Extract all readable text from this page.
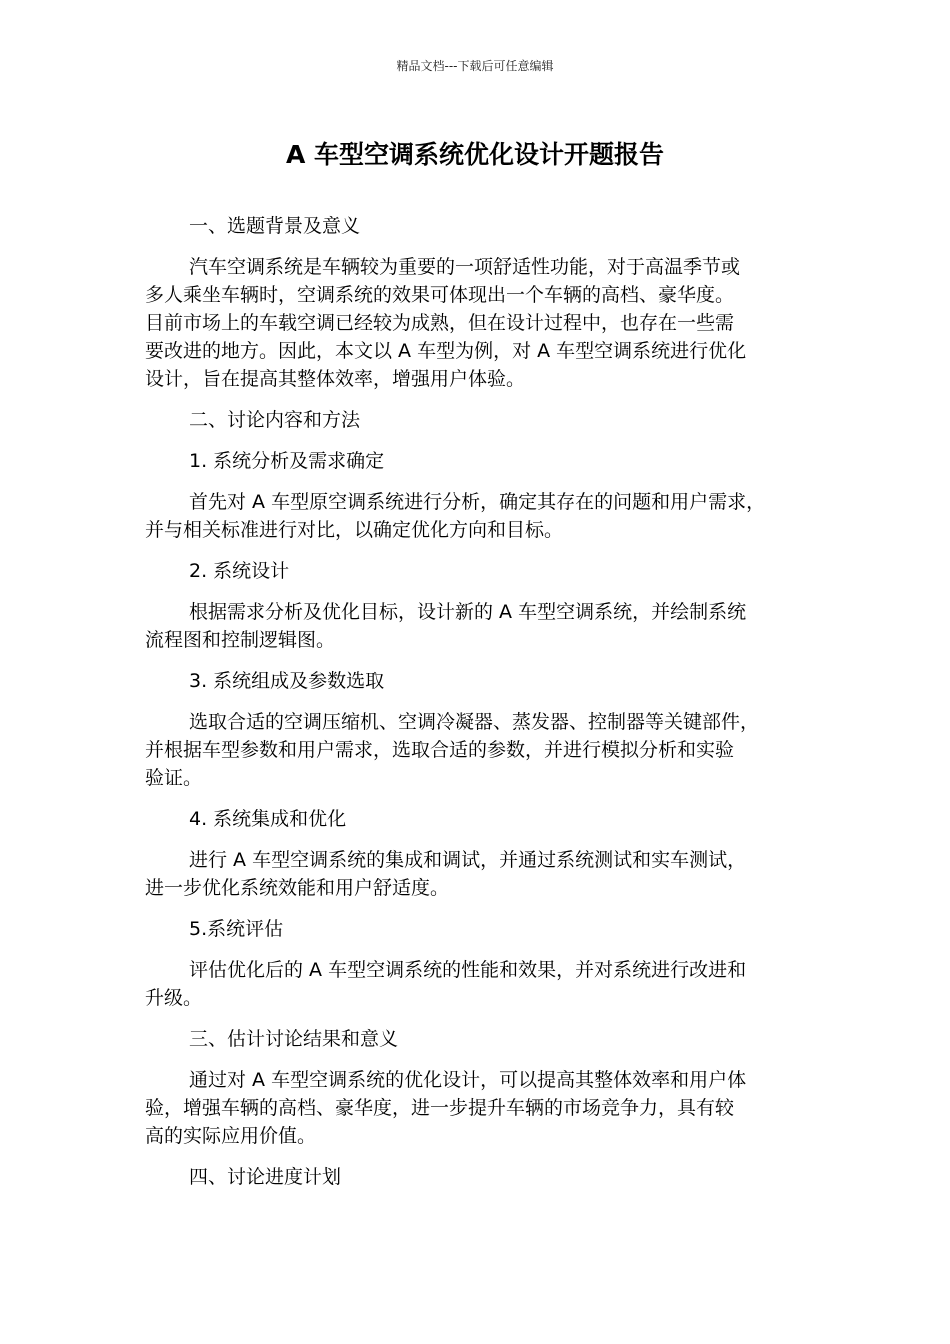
精品文档---下载后可任意编辑
A 车型空调系统优化设计开题报告
一、选题背景及意义
汽车空调系统是车辆较为重要的一项舒适性功能，对于高温季节或
多人乘坐车辆时，空调系统的效果可体现出一个车辆的高档、豪华度。
目前市场上的车载空调已经较为成熟，但在设计过程中，也存在一些需
要改进的地方。因此，本文以 A 车型为例，对 A 车型空调系统进行优化
设计，旨在提高其整体效率，增强用户体验。
二、讨论内容和方法
1. 系统分析及需求确定
首先对 A 车型原空调系统进行分析，确定其存在的问题和用户需求，
并与相关标准进行对比，以确定优化方向和目标。
2. 系统设计
根据需求分析及优化目标，设计新的 A 车型空调系统，并绘制系统
流程图和控制逻辑图。
3. 系统组成及参数选取
选取合适的空调压缩机、空调冷凝器、蒸发器、控制器等关键部件，
并根据车型参数和用户需求，选取合适的参数，并进行模拟分析和实验
验证。
4. 系统集成和优化
进行 A 车型空调系统的集成和调试，并通过系统测试和实车测试，
进一步优化系统效能和用户舒适度。
5.系统评估
评估优化后的 A 车型空调系统的性能和效果，并对系统进行改进和
升级。
三、估计讨论结果和意义
通过对 A 车型空调系统的优化设计，可以提高其整体效率和用户体
验，增强车辆的高档、豪华度，进一步提升车辆的市场竞争力，具有较
高的实际应用价值。
四、讨论进度计划
